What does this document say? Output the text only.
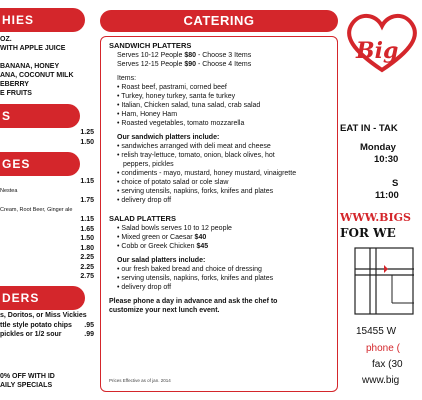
HIES
OZ.
WITH APPLE JUICE
BANANA, HONEY
ANA, COCONUT MILK
EBERRY
E FRUITS
S
1.25
1.50
GES
1.15
Nestea
1.75
Cream, Root Beer, Ginger ale
1.15
1.65
1.50
1.80
2.25
2.25
2.75
DERS
s, Doritos, or Miss Vickies
ttle style potato chips .95
pickles or 1/2 sour	.99
0% OFF WITH ID
AILY SPECIALS
CATERING
SANDWICH PLATTERS
Serves 10-12 People $80 - Choose 3 Items
Serves 12-15 People $90 - Choose 4 Items
Items:
• Roast beef, pastrami, corned beef
• Turkey, honey turkey, santa fe turkey
• Italian, Chicken salad, tuna salad, crab salad
• Ham, Honey Ham
• Roasted vegetables, tomato mozzarella
Our sandwich platters include:
• sandwiches arranged with deli meat and cheese
• relish tray-lettuce, tomato, onion, black olives, hot
peppers, pickles
• condiments - mayo, mustard, honey mustard, vinaigrette
• choice of potato salad or cole slaw
• serving utensils, napkins, forks, knifes and plates
• delivery drop off
SALAD PLATTERS
• Salad bowls serves 10 to 12 people
• Mixed green or Caesar $40
• Cobb or Greek Chicken $45
Our salad platters include:
• our fresh baked bread and choice of dressing
• serving utensils, napkins, forks, knifes and plates
• delivery drop off
Please phone a day in advance and ask the chef to
customize your next lunch event.
Prices Effective as of jan. 2014
Big
EAT IN - TAK
Monday
10:30
S
11:00
WWW.BIGS
FOR WE
15455 W
phone (
fax (30
www.big
